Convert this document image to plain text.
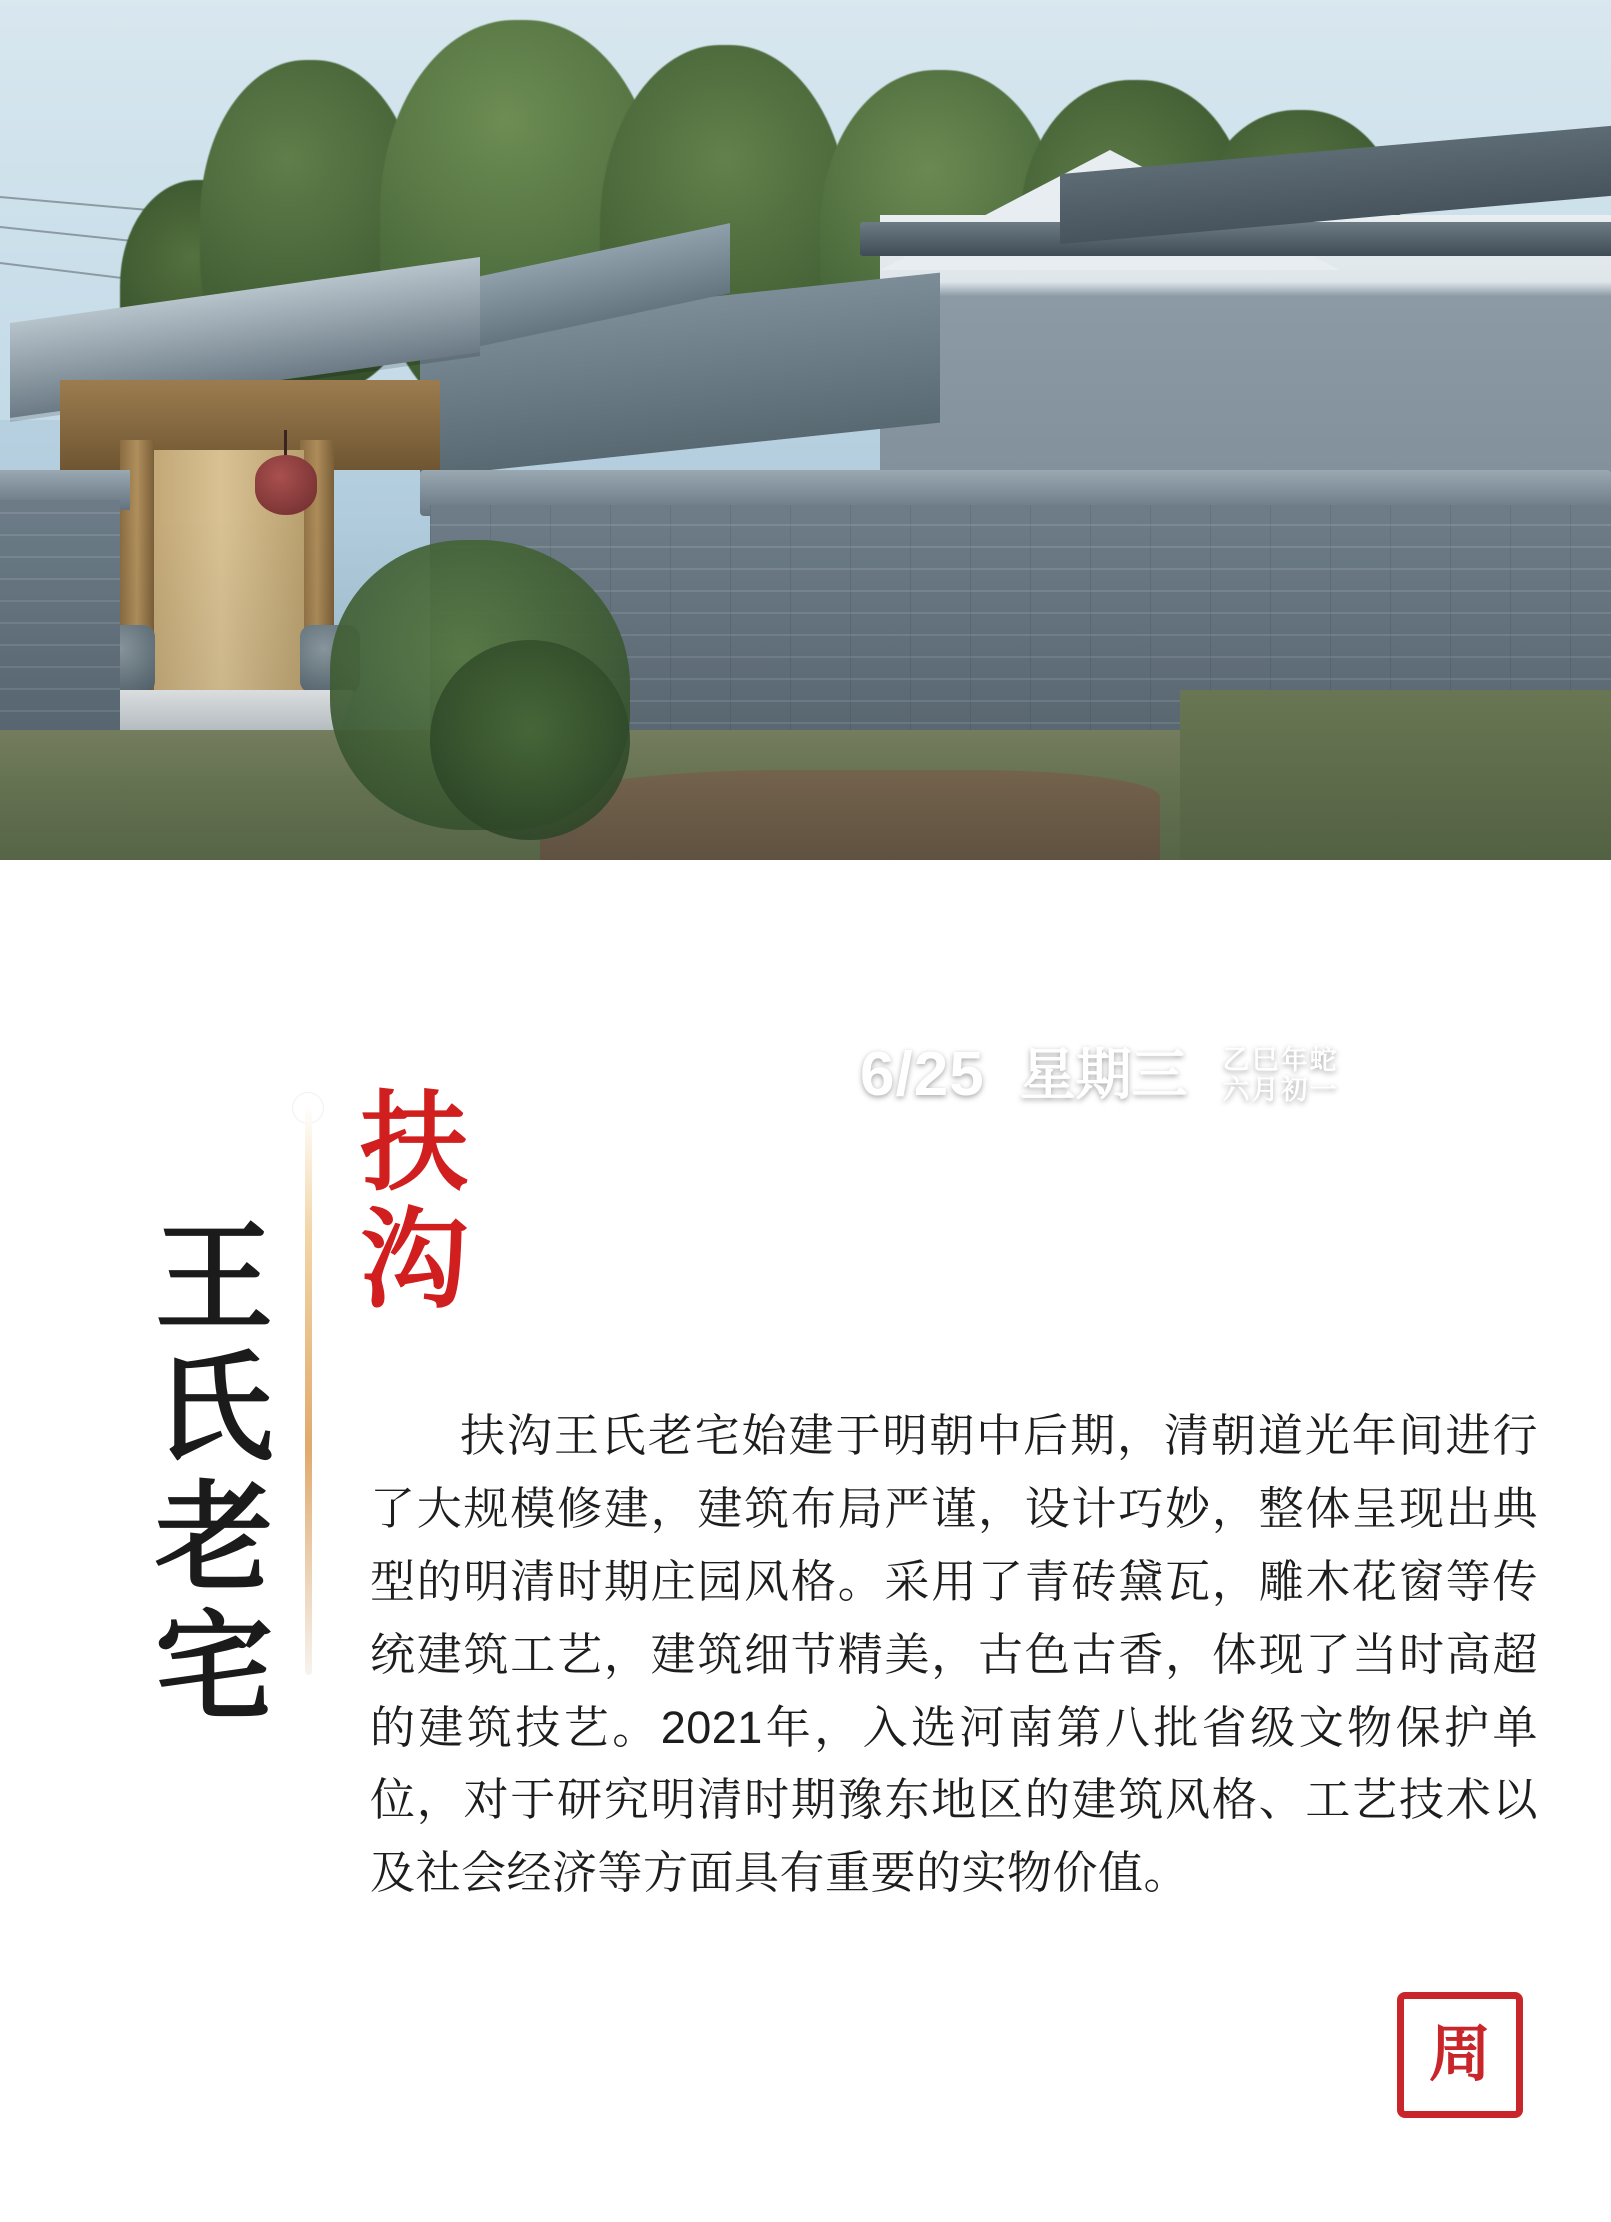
6/25 星期三 乙巳年蛇
六月初一
扶
沟
王
氏
老
宅
扶沟王氏老宅始建于明朝中后期，清朝道光年间进行了大规模修建，建筑布局严谨，设计巧妙，整体呈现出典型的明清时期庄园风格。采用了青砖黛瓦，雕木花窗等传统建筑工艺，建筑细节精美，古色古香，体现了当时高超的建筑技艺。2021年，入选河南第八批省级文物保护单位，对于研究明清时期豫东地区的建筑风格、工艺技术以及社会经济等方面具有重要的实物价值。
周
